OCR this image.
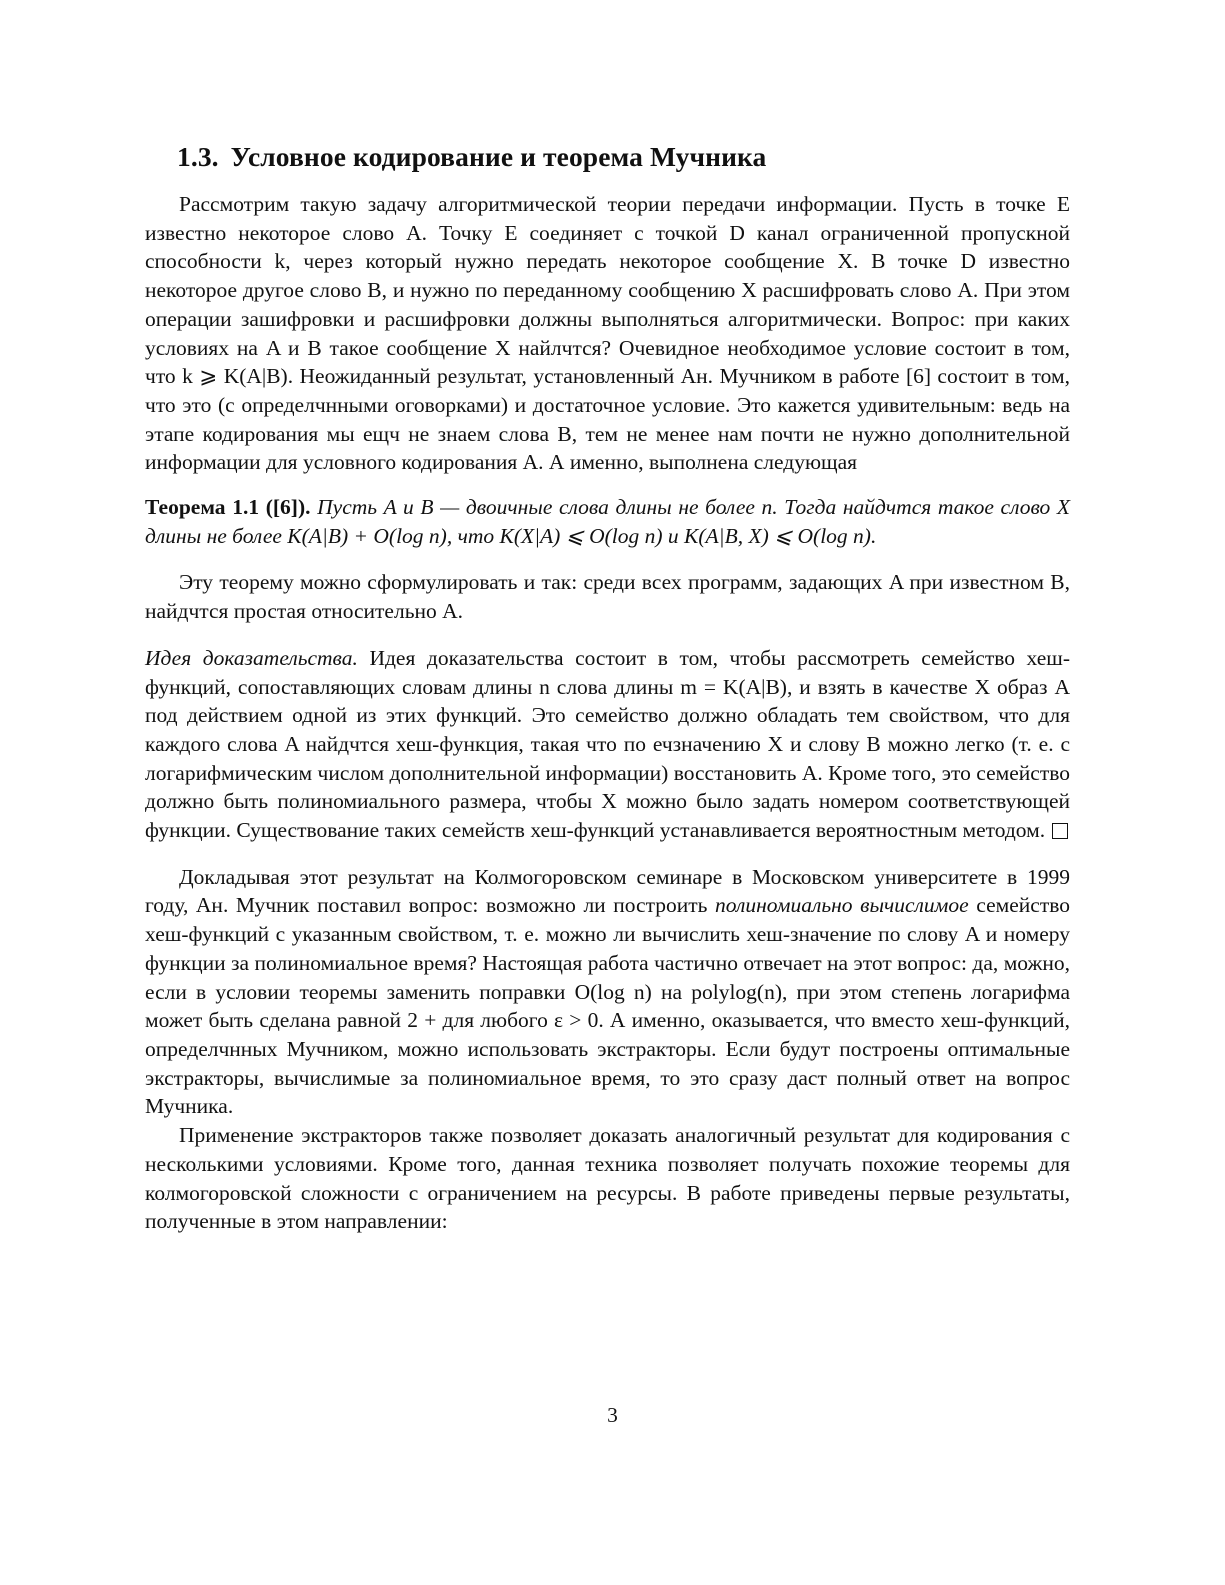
1.3. Условное кодирование и теорема Мучника

Рассмотрим такую задачу алгоритмической теории передачи информации. Пусть в точке E известно некоторое слово A. Точку E соединяет с точкой D канал ограниченной пропускной способности k, через который нужно передать некоторое сообщение X. В точке D известно некоторое другое слово B, и нужно по переданному сообщению X расшифровать слово A. При этом операции зашифровки и расшифровки должны выполняться алгоритмически. Вопрос: при каких условиях на A и B такое сообщение X найлчтся? Очевидное необходимое условие состоит в том, что k ⩾ K(A|B). Неожиданный результат, установленный Ан. Мучником в работе [6] состоит в том, что это (с определчнными оговорками) и достаточное условие. Это кажется удивительным: ведь на этапе кодирования мы ещч не знаем слова B, тем не менее нам почти не нужно дополнительной информации для условного кодирования A. А именно, выполнена следующая

Теорема 1.1 ([6]). Пусть A и B — двоичные слова длины не более n. Тогда найдчтся такое слово X длины не более K(A|B) + O(log n), что K(X|A) ⩽ O(log n) и K(A|B, X) ⩽ O(log n).

Эту теорему можно сформулировать и так: среди всех программ, задающих A при известном B, найдчтся простая относительно A.

Идея доказательства. Идея доказательства состоит в том, чтобы рассмотреть семейство хеш-функций, сопоставляющих словам длины n слова длины m = K(A|B), и взять в качестве X образ A под действием одной из этих функций. Это семейство должно обладать тем свойством, что для каждого слова A найдчтся хеш-функция, такая что по ечзначению X и слову B можно легко (т. е. с логарифмическим числом дополнительной информации) восстановить A. Кроме того, это семейство должно быть полиномиального размера, чтобы X можно было задать номером соответствующей функции. Существование таких семейств хеш-функций устанавливается вероятностным методом.

Докладывая этот результат на Колмогоровском семинаре в Московском университете в 1999 году, Ан. Мучник поставил вопрос: возможно ли построить полиномиально вычислимое семейство хеш-функций с указанным свойством, т. е. можно ли вычислить хеш-значение по слову A и номеру функции за полиномиальное время? Настоящая работа частично отвечает на этот вопрос: да, можно, если в условии теоремы заменить поправки O(log n) на polylog(n), при этом степень логарифма может быть сделана равной 2 + для любого ε > 0. А именно, оказывается, что вместо хеш-функций, определчнных Мучником, можно использовать экстракторы. Если будут построены оптимальные экстракторы, вычислимые за полиномиальное время, то это сразу даст полный ответ на вопрос Мучника.

Применение экстракторов также позволяет доказать аналогичный результат для кодирования с несколькими условиями. Кроме того, данная техника позволяет получать похожие теоремы для колмогоровской сложности с ограничением на ресурсы. В работе приведены первые результаты, полученные в этом направлении:

3
